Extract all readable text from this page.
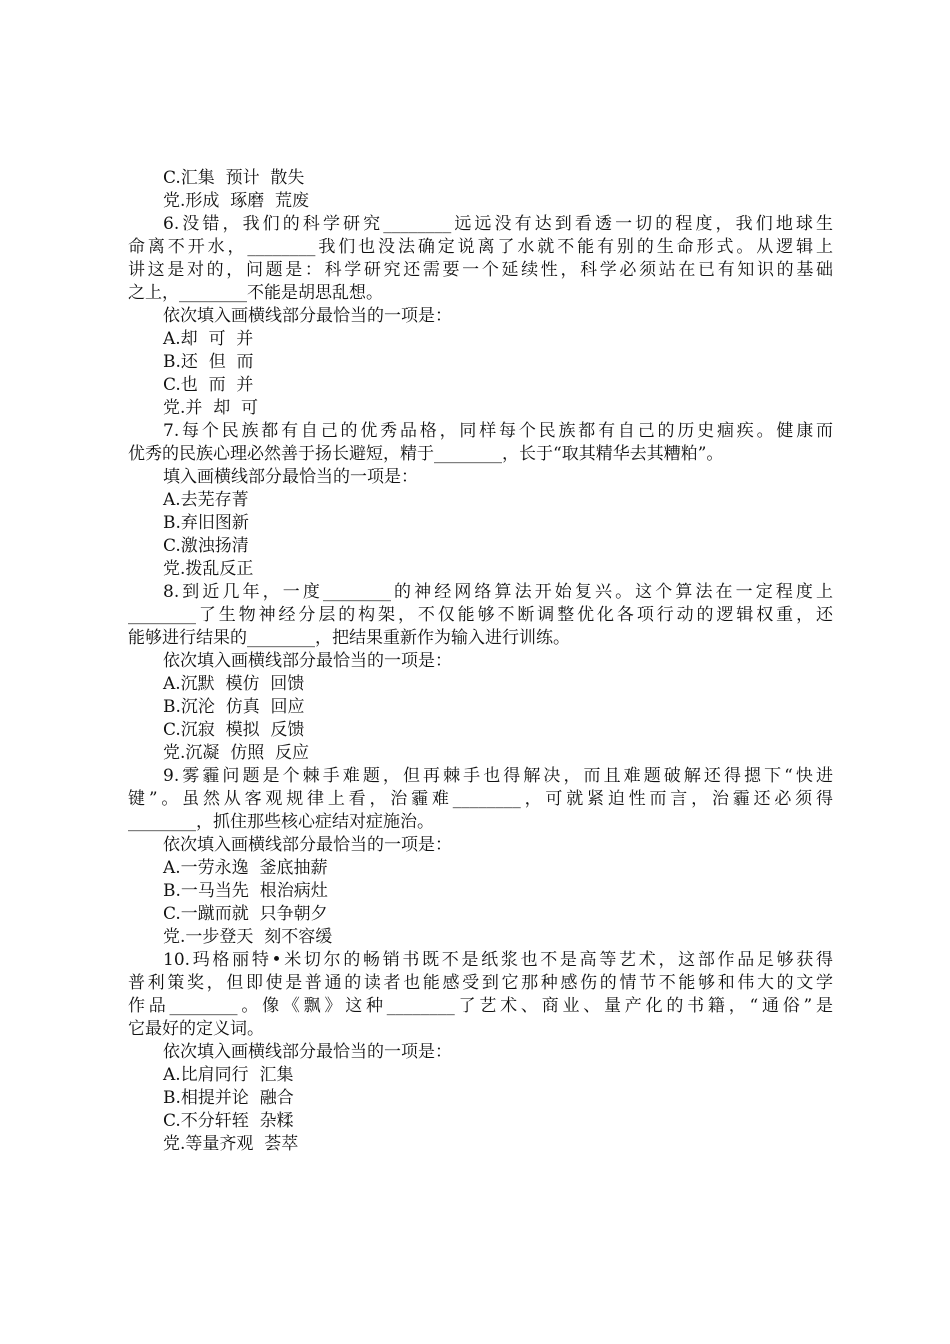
C.汇集  预计  散失
党.形成  琢磨  荒废
6.没错，我们的科学研究________远远没有达到看透一切的程度，我们地球生
命离不开水，________我们也没法确定说离了水就不能有别的生命形式。从逻辑上
讲这是对的，问题是：科学研究还需要一个延续性，科学必须站在已有知识的基础
之上，________不能是胡思乱想。
依次填入画横线部分最恰当的一项是：
A.却  可  并
B.还  但  而
C.也  而  并
党.并  却  可
7.每个民族都有自己的优秀品格，同样每个民族都有自己的历史痼疾。健康而
优秀的民族心理必然善于扬长避短，精于________，长于“取其精华去其糟粕”。
填入画横线部分最恰当的一项是：
A.去芜存菁
B.弃旧图新
C.激浊扬清
党.拨乱反正
8.到近几年，一度________的神经网络算法开始复兴。这个算法在一定程度上
________了生物神经分层的构架，不仅能够不断调整优化各项行动的逻辑权重，还
能够进行结果的________，把结果重新作为输入进行训练。
依次填入画横线部分最恰当的一项是：
A.沉默  模仿  回馈
B.沉沦  仿真  回应
C.沉寂  模拟  反馈
党.沉凝  仿照  反应
9.雾霾问题是个棘手难题，但再棘手也得解决，而且难题破解还得摁下“快进
键”。虽然从客观规律上看，治霾难________，可就紧迫性而言，治霾还必须得
________，抓住那些核心症结对症施治。
依次填入画横线部分最恰当的一项是：
A.一劳永逸  釜底抽薪
B.一马当先  根治病灶
C.一蹴而就  只争朝夕
党.一步登天  刻不容缓
10.玛格丽特•米切尔的畅销书既不是纸浆也不是高等艺术，这部作品足够获得
普利策奖，但即使是普通的读者也能感受到它那种感伤的情节不能够和伟大的文学
作品________。像《飘》这种________了艺术、商业、量产化的书籍，“通俗”是
它最好的定义词。
依次填入画横线部分最恰当的一项是：
A.比肩同行  汇集
B.相提并论  融合
C.不分轩轾  杂糅
党.等量齐观  荟萃
